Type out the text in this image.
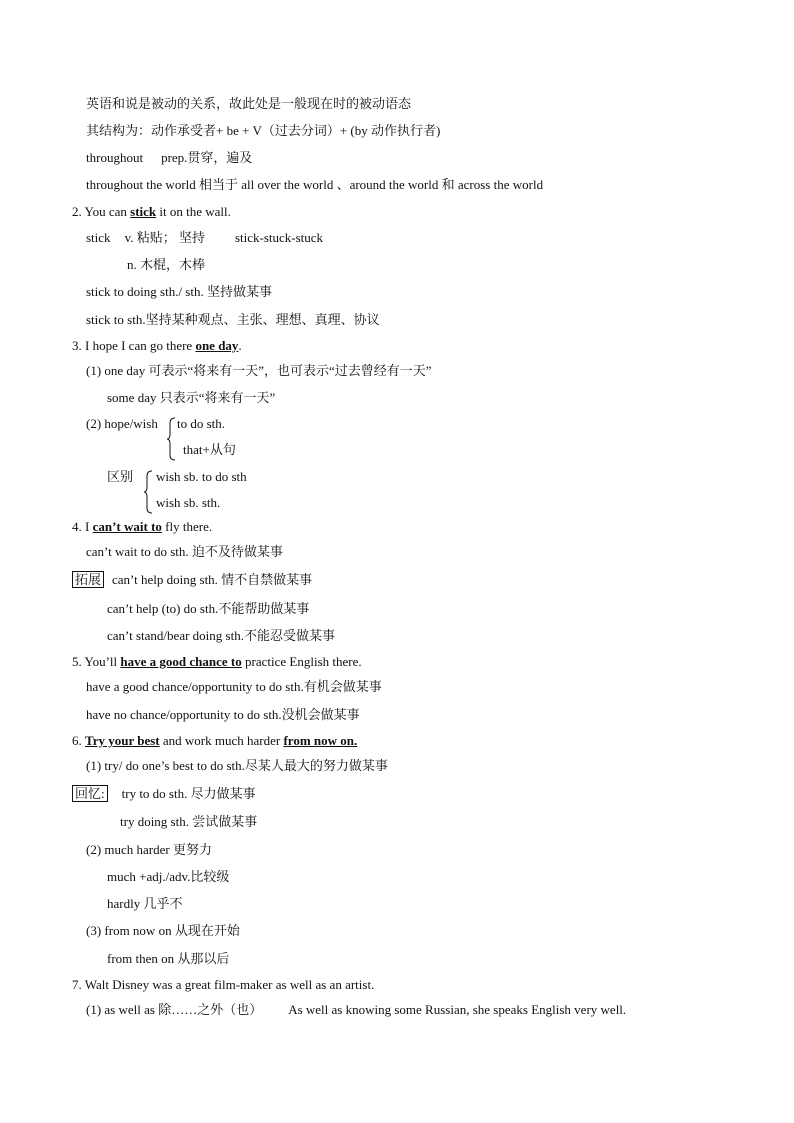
英语和说是被动的关系，故此处是一般现在时的被动语态
其结构为：动作承受者+ be + V（过去分词）+ (by 动作执行者)
throughout prep.贯穿，遍及
throughout the world 相当于 all over the world 、around the world 和 across the world
2. You can stick it on the wall.
stick v. 粘贴； 坚持 stick-stuck-stuck
n. 木棍，木棒
stick to doing sth./ sth. 坚持做某事
stick to sth.坚持某种观点、主张、理想、真理、协议
3. I hope I can go there one day.
(1) one day 可表示“将来有一天”，也可表示“过去曾经有一天”
some day 只表示“将来有一天”
(2) hope/wish to do sth.
that+从句
区别 wish sb. to do sth
wish sb. sth.
4. I can’t wait to fly there.
can’t wait to do sth. 迫不及待做某事
拓展 can’t help doing sth. 情不自禁做某事
can’t help (to) do sth.不能帮助做某事
can’t stand/bear doing sth.不能忍受做某事
5. You’ll have a good chance to practice English there.
have a good chance/opportunity to do sth.有机会做某事
have no chance/opportunity to do sth.没机会做某事
6. Try your best and work much harder from now on.
(1) try/ do one’s best to do sth.尽某人最大的努力做某事
回忆: try to do sth. 尽力做某事
try doing sth. 尝试做某事
(2) much harder 更努力
much +adj./adv.比较级
hardly 几乎不
(3) from now on 从现在开始
from then on 从那以后
7. Walt Disney was a great film-maker as well as an artist.
(1) as well as 除……之外（也） As well as knowing some Russian, she speaks English very well.
